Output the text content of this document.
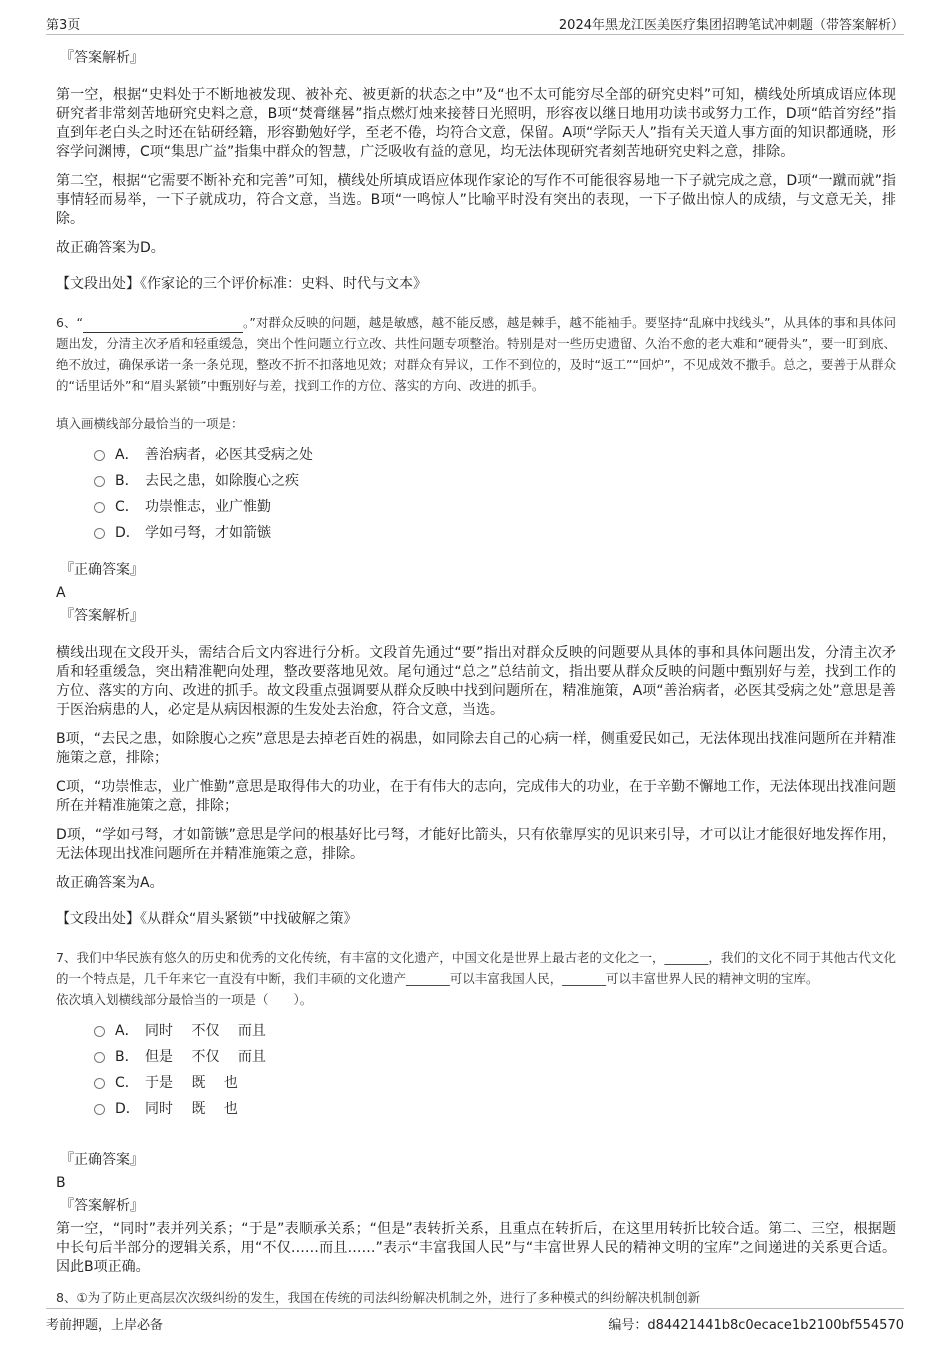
第3页	2024年黑龙江医美医疗集团招聘笔试冲刺题（带答案解析）
『答案解析』

第一空，根据“史料处于不断地被发现、被补充、被更新的状态之中”及“也不太可能穷尽全部的研究史料”可知，横线处所填成语应体现研究者非常刻苦地研究史料之意，B项“焚膏继晷”指点燃灯烛来接替日光照明，形容夜以继日地用功读书或努力工作，D项“皓首穷经”指直到年老白头之时还在钻研经籍，形容勤勉好学，至老不倦，均符合文意，保留。A项“学际天人”指有关天道人事方面的知识都通晓，形容学问渊博，C项“集思广益”指集中群众的智慧，广泛吸收有益的意见，均无法体现研究者刻苦地研究史料之意，排除。

第二空，根据“它需要不断补充和完善”可知，横线处所填成语应体现作家论的写作不可能很容易地一下子就完成之意，D项“一蹴而就”指事情轻而易举，一下子就成功，符合文意，当选。B项“一鸣惊人”比喻平时没有突出的表现，一下子做出惊人的成绩，与文意无关，排除。

故正确答案为D。

【文段出处】《作家论的三个评价标准：史料、时代与文本》

6、“	。”对群众反映的问题，越是敏感，越不能反感，越是棘手，越不能袖手。要坚持“乱麻中找线头”，从具体的事和具体问题出发，分清主次矛盾和轻重缓急，突出个性问题立行立改、共性问题专项整治。特别是对一些历史遗留、久治不愈的老大难和“硬骨头”，要一盯到底、绝不放过，确保承诺一条一条兑现，整改不折不扣落地见效；对群众有异议，工作不到位的，及时“返工”“回炉”，不见成效不撒手。总之，要善于从群众的“话里话外”和“眉头紧锁”中甄别好与差，找到工作的方位、落实的方向、改进的抓手。

填入画横线部分最恰当的一项是：
A． 善治病者，必医其受病之处
B． 去民之患，如除腹心之疾
C． 功崇惟志，业广惟勤
D． 学如弓弩，才如箭镞
『正确答案』
A
『答案解析』

横线出现在文段开头，需结合后文内容进行分析。文段首先通过“要”指出对群众反映的问题要从具体的事和具体问题出发，分清主次矛盾和轻重缓急，突出精准靶向处理，整改要落地见效。尾句通过“总之”总结前文，指出要从群众反映的问题中甄别好与差，找到工作的方位、落实的方向、改进的抓手。故文段重点强调要从群众反映中找到问题所在，精准施策，A项“善治病者，必医其受病之处”意思是善于医治病患的人，必定是从病因根源的生发处去治愈，符合文意，当选。

B项，“去民之患，如除腹心之疾”意思是去掉老百姓的祸患，如同除去自己的心病一样，侧重爱民如己，无法体现出找准问题所在并精准施策之意，排除；

C项，“功崇惟志，业广惟勤”意思是取得伟大的功业，在于有伟大的志向，完成伟大的功业，在于辛勤不懈地工作，无法体现出找准问题所在并精准施策之意，排除；

D项，“学如弓弩，才如箭镞”意思是学问的根基好比弓弩，才能好比箭头，只有依靠厚实的见识来引导，才可以让才能很好地发挥作用，无法体现出找准问题所在并精准施策之意，排除。

故正确答案为A。

【文段出处】《从群众“眉头紧锁”中找破解之策》

7、我们中华民族有悠久的历史和优秀的文化传统，有丰富的文化遗产，中国文化是世界上最古老的文化之一，_______，我们的文化不同于其他古代文化的一个特点是，几千年来它一直没有中断，我们丰硕的文化遗产_______可以丰富我国人民，_______可以丰富世界人民的精神文明的宝库。

依次填入划横线部分最恰当的一项是（　　）。

A． 同时　 不仅　 而且
B． 但是　 不仅　 而且
C． 于是　 既　 也
D． 同时　 既　 也
『正确答案』
B
『答案解析』

第一空，“同时”表并列关系；“于是”表顺承关系；“但是”表转折关系，且重点在转折后，在这里用转折比较合适。第二、三空，根据题中长句后半部分的逻辑关系，用“不仅……而且……”表示“丰富我国人民”与“丰富世界人民的精神文明的宝库”之间递进的关系更合适。因此B项正确。

8、①为了防止更高层次次级纠纷的发生，我国在传统的司法纠纷解决机制之外，进行了多种模式的纠纷解决机制创新

考前押题，上岸必备	编号：d84421441b8c0ecace1b2100bf554570
